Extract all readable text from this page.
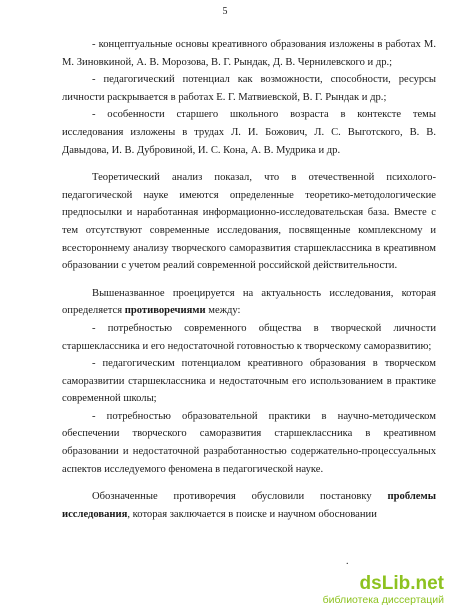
5

- концептуальные основы креативного образования изложены в работах М. М. Зиновкиной, А. В. Морозова, В. Г. Рындак, Д. В. Чернилевского и др.;

- педагогический потенциал как возможности, способности, ресурсы личности раскрывается в работах Е. Г. Матвиевской, В. Г. Рындак и др.;

- особенности старшего школьного возраста в контексте темы исследования изложены в трудах Л. И. Божович, Л. С. Выготского, В. В. Давыдова, И. В. Дубровиной, И. С. Кона, А. В. Мудрика и др.

Теоретический анализ показал, что в отечественной психолого-педагогической науке имеются определенные теоретико-методологические предпосылки и наработанная информационно-исследовательская база. Вместе с тем отсутствуют современные исследования, посвященные комплексному и всестороннему анализу творческого саморазвития старшеклассника в креативном образовании с учетом реалий современной российской действительности.

Вышеназванное проецируется на актуальность исследования, которая определяется противоречиями между:

- потребностью современного общества в творческой личности старшеклассника и его недостаточной готовностью к творческому саморазвитию;

- педагогическим потенциалом креативного образования в творческом саморазвитии старшеклассника и недостаточным его использованием в практике современной школы;

- потребностью образовательной практики в научно-методическом обеспечении творческого саморазвития старшеклассника в креативном образовании и недостаточной разработанностью содержательно-процессуальных аспектов исследуемого феномена в педагогической науке.

Обозначенные противоречия обусловили постановку проблемы исследования, которая заключается в поиске и научном обосновании

.
dsLib.net
библиотека диссертаций
